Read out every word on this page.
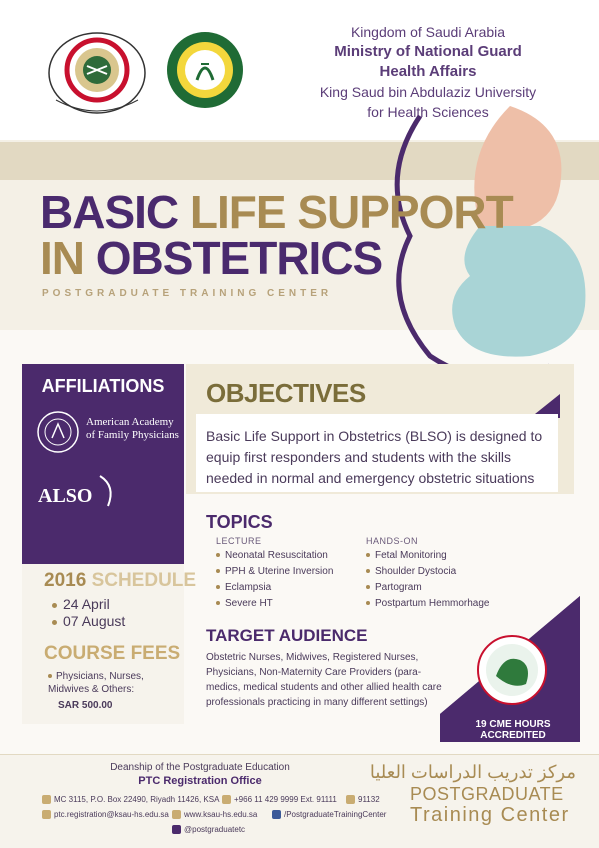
Kingdom of Saudi Arabia
Ministry of National Guard
Health Affairs
King Saud bin Abdulaziz University
for Health Sciences
BASIC LIFE SUPPORT
IN OBSTETRICS
POSTGRADUATE TRAINING CENTER
AFFILIATIONS
American Academy of Family Physicians
ALSO
2016 SCHEDULE
24 April
07 August
COURSE FEES
Physicians, Nurses, Midwives & Others:
SAR 500.00
OBJECTIVES
Basic Life Support in Obstetrics (BLSO) is designed to equip first responders and students with the skills needed in normal and emergency obstetric situations
TOPICS
LECTURE
Neonatal Resuscitation
PPH & Uterine Inversion
Eclampsia
Severe HT
HANDS-ON
Fetal Monitoring
Shoulder Dystocia
Partogram
Postpartum Hemmorhage
TARGET AUDIENCE
Obstetric Nurses, Midwives, Registered Nurses, Physicians, Non-Maternity Care Providers (para-medics, medical students and other allied health care professionals practicing in many different settings)
19 CME HOURS ACCREDITED
Deanship of the Postgraduate Education
PTC Registration Office
MC 3115, P.O. Box 22490, Riyadh 11426, KSA	+966 11 429 9999 Ext. 91111	91132
ptc.registration@ksau-hs.edu.sa	www.ksau-hs.edu.sa	/PostgraduateTrainingCenter
@postgraduatetc
مركز تدريب الدراسات العليا
POSTGRADUATE
Training Center
